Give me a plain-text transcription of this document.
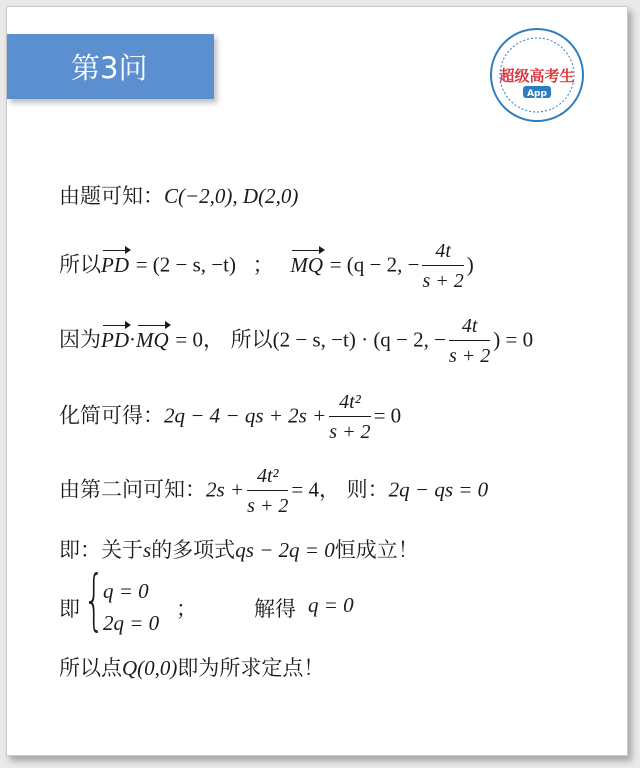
第3问	超级高考生
App
由题可知：C(−2,0), D(2,0)
所以PD = (2 − s, −t) ； MQ = (q − 2, − $\frac{4t}{s + 2}$ )
因为PD·MQ = 0， 所以(2 − s, −t) · (q − 2, − $\frac{4t}{s + 2}$ ) = 0
化简可得：2q − 4 − qs + $2s + \frac{\text{4t²}}{s + 2} = 0$
由第二问可知：$2s + \frac{\text{4t²}}{s + 2} = 4$， 则：2q − qs = 0
即：关于s的多项式qs − 2q = 0恒成立！
即 {
q = 0
2q = 0
；	解得 q = 0
所以点Q(0,0)即为所求定点！
